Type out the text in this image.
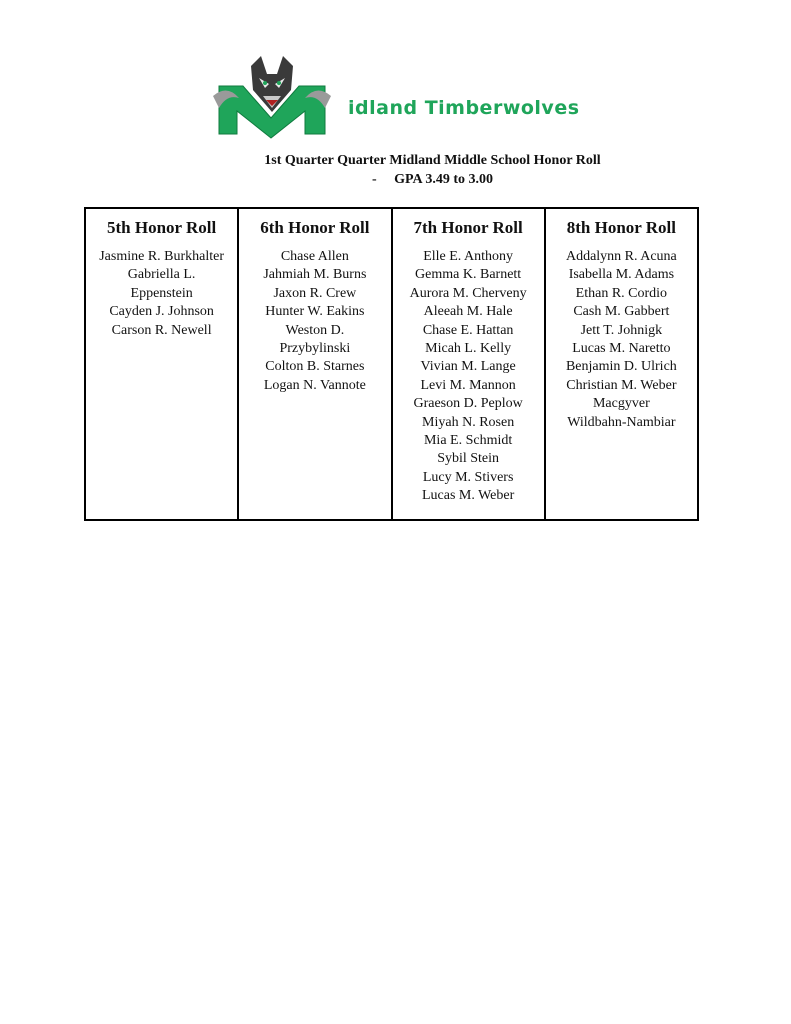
idland Timberwolves
1st Quarter Quarter Midland Middle School Honor Roll
-     GPA 3.49 to 3.00
5th Honor Roll
Jasmine R. Burkhalter
Gabriella L.
Eppenstein
Cayden J. Johnson
Carson R. Newell

6th Honor Roll
Chase Allen
Jahmiah M. Burns
Jaxon R. Crew
Hunter W. Eakins
Weston D.
Przybylinski
Colton B. Starnes
Logan N. Vannote

7th Honor Roll
Elle E. Anthony
Gemma K. Barnett
Aurora M. Cherveny
Aleeah M. Hale
Chase E. Hattan
Micah L. Kelly
Vivian M. Lange
Levi M. Mannon
Graeson D. Peplow
Miyah N. Rosen
Mia E. Schmidt
Sybil Stein
Lucy M. Stivers
Lucas M. Weber

8th Honor Roll
Addalynn R. Acuna
Isabella M. Adams
Ethan R. Cordio
Cash M. Gabbert
Jett T. Johnigk
Lucas M. Naretto
Benjamin D. Ulrich
Christian M. Weber
Macgyver
Wildbahn-Nambiar
